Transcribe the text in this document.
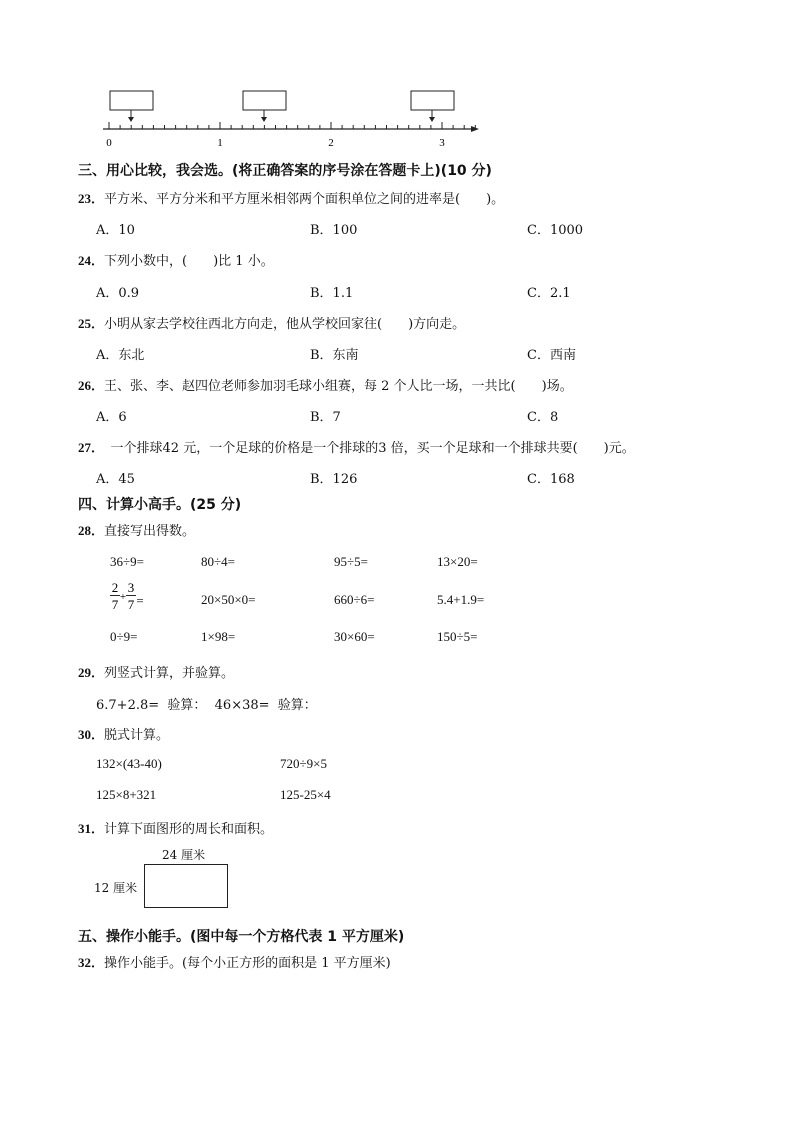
0	1	2	3
三、用心比较，我会选。(将正确答案的序号涂在答题卡上)(10 分)
23．平方米、平方分米和平方厘米相邻两个面积单位之间的进率是(　　)。
A．10	B．100	C．1000
24．下列小数中，(　　)比 1 小。
A．0.9	B．1.1	C．2.1
25．小明从家去学校往西北方向走，他从学校回家往(　　)方向走。
A．东北	B．东南	C．西南
26．王、张、李、赵四位老师参加羽毛球小组赛，每 2 个人比一场，一共比(　　)场。
A．6	B．7	C．8
27．　一个排球42 元，一个足球的价格是一个排球的3 倍，买一个足球和一个排球共要(　　)元。
A．45	B．126	C．168
四、计算小高手。(25 分)
28．直接写出得数。
36÷9=	80÷4=	95÷5=	13×20=
2
7 +
3
7 =	20×50×0=	660÷6=	5.4+1.9=
0÷9=	1×98=	30×60=	150÷5=
29．列竖式计算，并验算。
6.7+2.8=  验算：  46×38=  验算：
30．脱式计算。
132×(43-40)	720÷9×5
125×8+321	125-25×4
31．计算下面图形的周长和面积。
24 厘米
12 厘米
五、操作小能手。(图中每一个方格代表 1 平方厘米)
32．操作小能手。(每个小正方形的面积是 1 平方厘米)
